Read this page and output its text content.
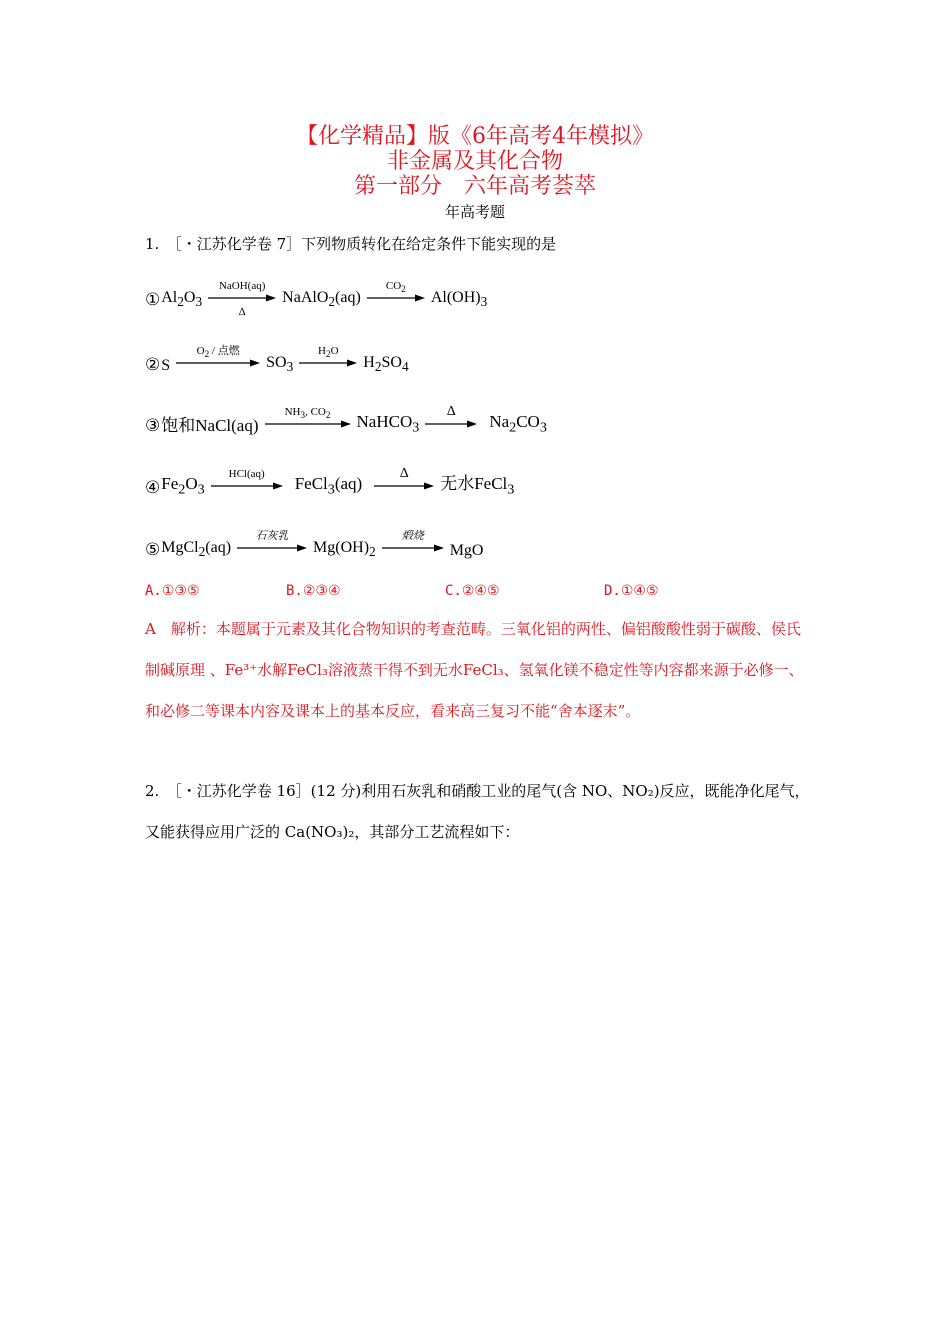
【化学精品】版《6年高考4年模拟》
非金属及其化合物
第一部分　六年高考荟萃
年高考题
1.　［・江苏化学卷 7］下列物质转化在给定条件下能实现的是
① $Al_2O_3$
NaOH(aq)
Δ
NaAlO$_2$(aq)
$CO_2$	$Al(OH)_3$
② S
$O_2$ / 点燃
$SO_3$
$H_2O$
$H_2SO_4$
③ 饱和NaCl(aq)
$NH_3$, $CO_2$	NaHCO$_3$
Δ
$Na_2CO_3$
④ $Fe_2O_3$
HCl(aq)	FeCl$_3$(aq)
Δ
无水FeCl$_3$
⑤ MgCl$_2$(aq)
石灰乳
$Mg(OH)_2$
煅烧
MgO
A.①③⑤	B.②③④	C.②④⑤	D.①④⑤
A　解析：本题属于元素及其化合物知识的考查范畴。三氧化铝的两性、偏铝酸酸性弱于碳酸、侯氏制碱原理 、Fe³⁺水解FeCl₃溶液蒸干得不到无水FeCl₃、氢氧化镁不稳定性等内容都来源于必修一、和必修二等课本内容及课本上的基本反应，看来高三复习不能“舍本逐末”。
2.　［・江苏化学卷 16］(12 分)利用石灰乳和硝酸工业的尾气(含 NO、NO₂)反应，既能净化尾气，又能获得应用广泛的 Ca(NO₃)₂，其部分工艺流程如下：
